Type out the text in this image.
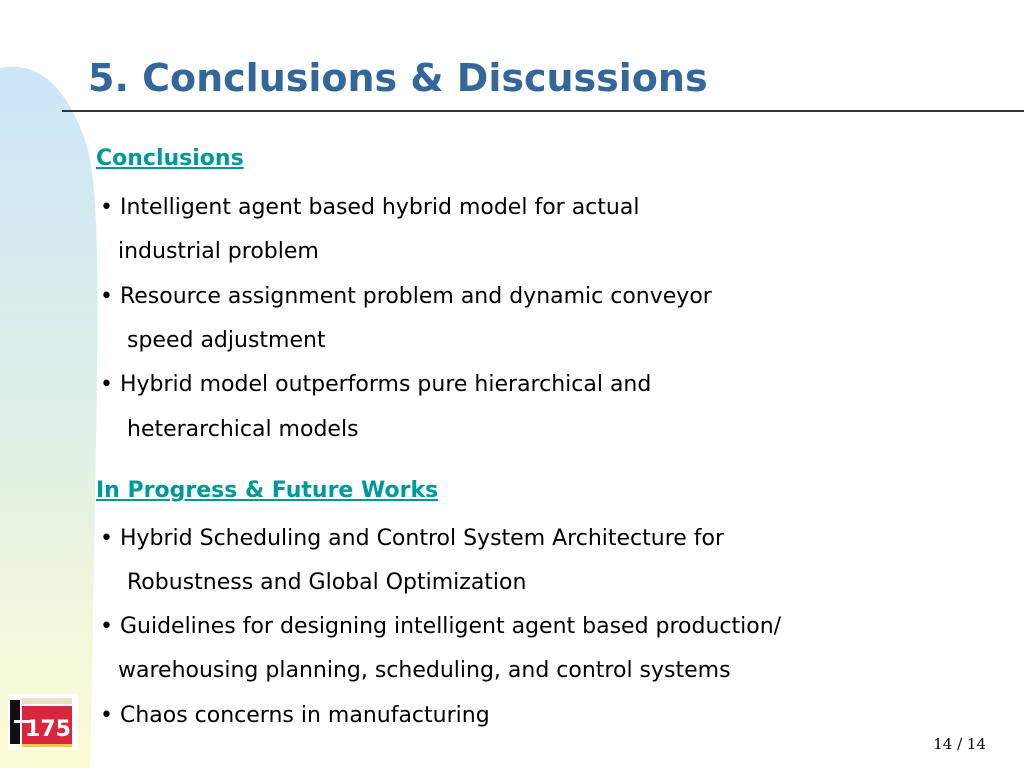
5. Conclusions & Discussions
Conclusions
• Intelligent agent based hybrid model for actual
industrial problem
• Resource assignment problem and dynamic conveyor
speed adjustment
• Hybrid model outperforms pure hierarchical and
heterarchical models
In Progress & Future Works
• Hybrid Scheduling and Control System Architecture for
Robustness and Global Optimization
• Guidelines for designing intelligent agent based production/
warehousing planning, scheduling, and control systems
• Chaos concerns in manufacturing
175
14 / 14
